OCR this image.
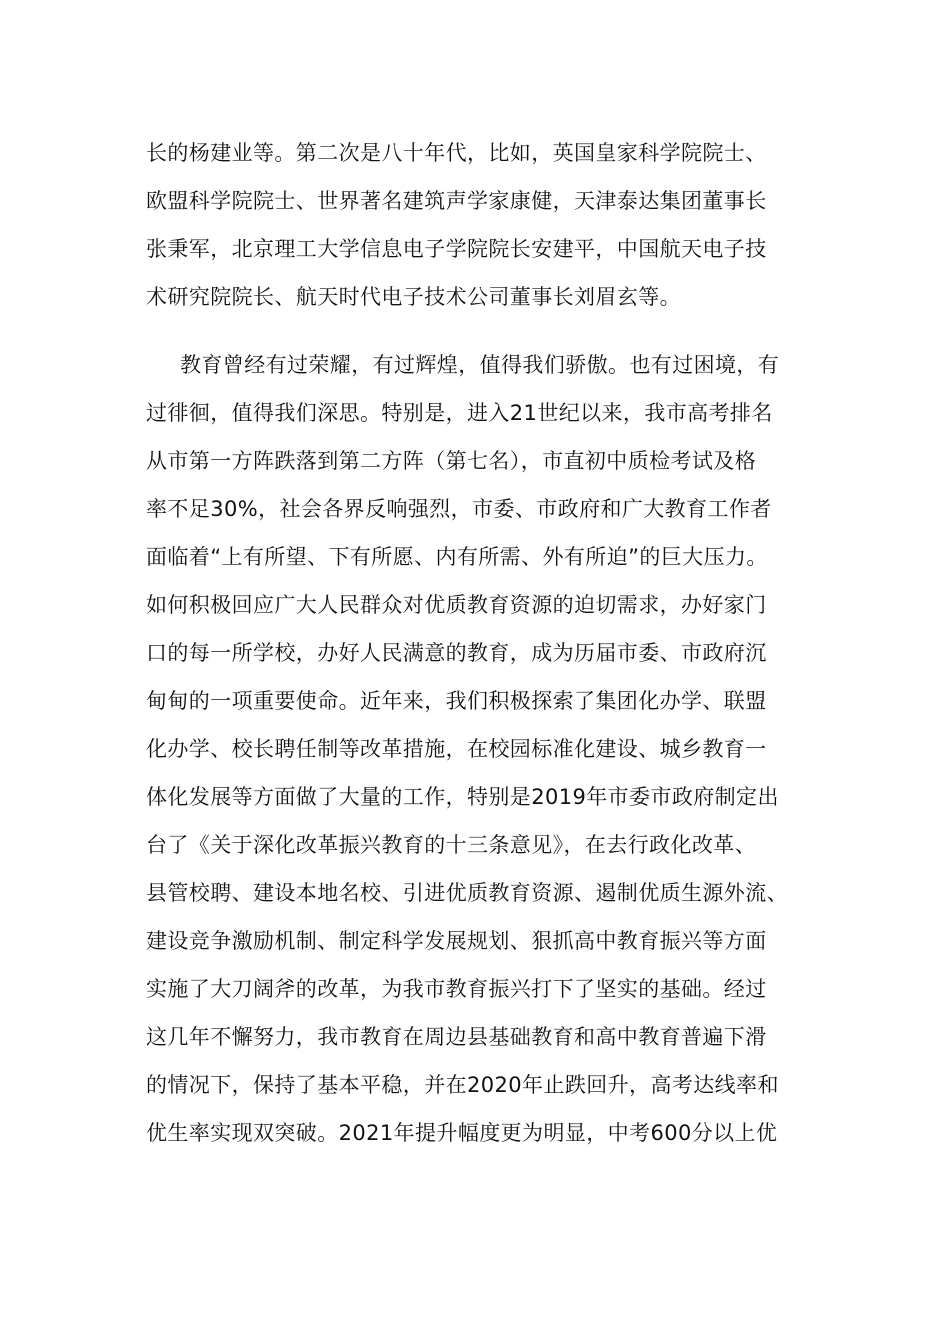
长的杨建业等。第二次是八十年代，比如，英国皇家科学院院士、
欧盟科学院院士、世界著名建筑声学家康健，天津泰达集团董事长
张秉军，北京理工大学信息电子学院院长安建平，中国航天电子技
术研究院院长、航天时代电子技术公司董事长刘眉玄等。
教育曾经有过荣耀，有过辉煌，值得我们骄傲。也有过困境，有
过徘徊，值得我们深思。特别是，进入21世纪以来，我市高考排名
从市第一方阵跌落到第二方阵（第七名），市直初中质检考试及格
率不足30%，社会各界反响强烈，市委、市政府和广大教育工作者
面临着“上有所望、下有所愿、内有所需、外有所迫”的巨大压力。
如何积极回应广大人民群众对优质教育资源的迫切需求，办好家门
口的每一所学校，办好人民满意的教育，成为历届市委、市政府沉
甸甸的一项重要使命。近年来，我们积极探索了集团化办学、联盟
化办学、校长聘任制等改革措施，在校园标准化建设、城乡教育一
体化发展等方面做了大量的工作，特别是2019年市委市政府制定出
台了《关于深化改革振兴教育的十三条意见》，在去行政化改革、
县管校聘、建设本地名校、引进优质教育资源、遏制优质生源外流、
建设竞争激励机制、制定科学发展规划、狠抓高中教育振兴等方面
实施了大刀阔斧的改革，为我市教育振兴打下了坚实的基础。经过
这几年不懈努力，我市教育在周边县基础教育和高中教育普遍下滑
的情况下，保持了基本平稳，并在2020年止跌回升，高考达线率和
优生率实现双突破。2021年提升幅度更为明显，中考600分以上优
